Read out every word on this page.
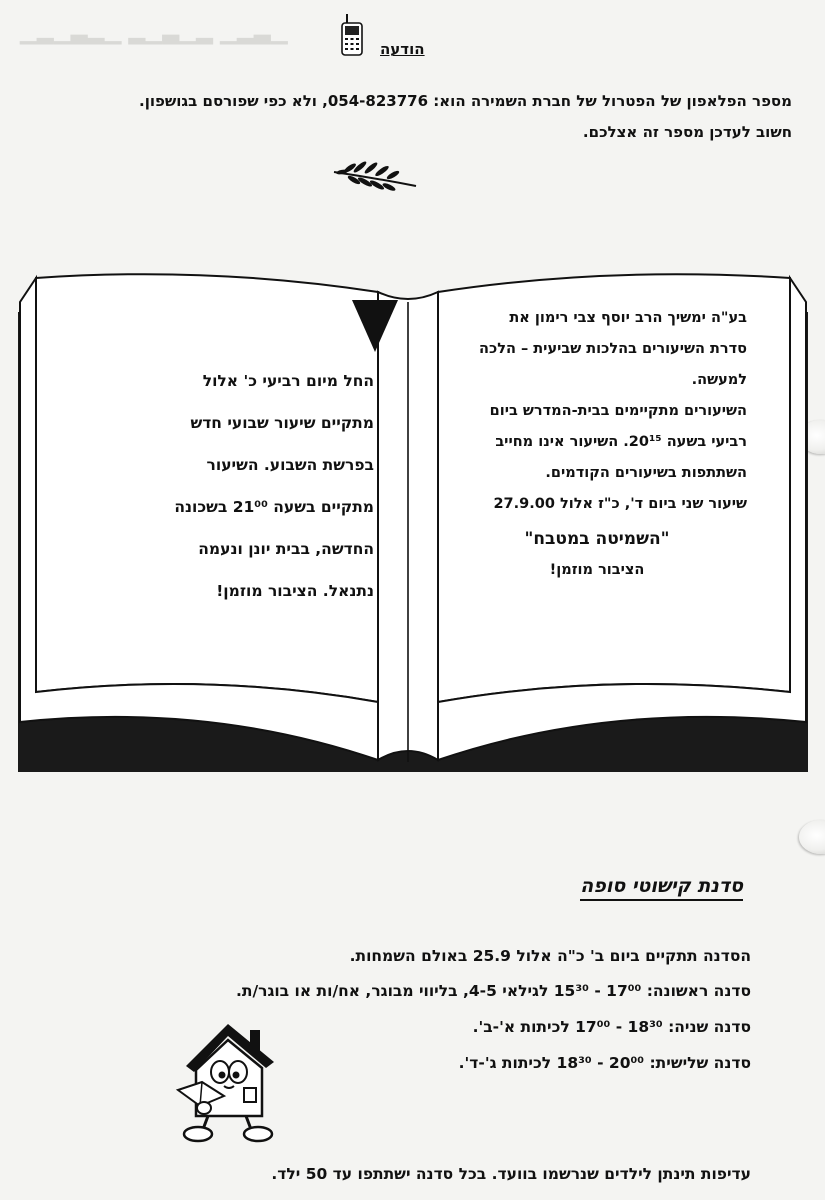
▁▂▁▃▂▁ ▂▁▃▁▂ ▁▂▃▁
הודעה
מספר הפלאפון של הפטרול של חברת השמירה הוא: 054-823776, ולא כפי שפורסם בגושפון.
חשוב לעדכן מספר זה אצלכם.

בע"ה ימשיך הרב יוסף צבי רימון את

סדרת השיעורים בהלכות שביעית – הלכה

למעשה.

השיעורים מתקיימים בבית-המדרש ביום

רביעי בשעה 20¹⁵. השיעור אינו מחייב

השתתפות בשיעורים הקודמים.

שיעור שני ביום ד', כ"ז אלול 27.9.00

"השמיטה במטבח"

הציבור מוזמן!

החל מיום רביעי כ' אלול

מתקיים שיעור שבועי חדש

בפרשת השבוע. השיעור

מתקיים בשעה 21⁰⁰ בשכונה

החדשה, בבית יונן ונעמה

נתנאל. הציבור מוזמן!

סדנת קישוטי סופה
הסדנה תתקיים ביום ב' כ"ה אלול 25.9 באולם השמחות.
סדנה ראשונה: 17⁰⁰ - 15³⁰ לגילאי 4-5, בליווי מבוגר, אח/ות או בוגר/ת.
סדנה שניה: 18³⁰ - 17⁰⁰ לכיתות א'-ב'.
סדנה שלישית: 20⁰⁰ - 18³⁰ לכיתות ג'-ד'.
עדיפות תינתן לילדים שנרשמו בוועד. בכל סדנה ישתתפו עד 50 ילד.
